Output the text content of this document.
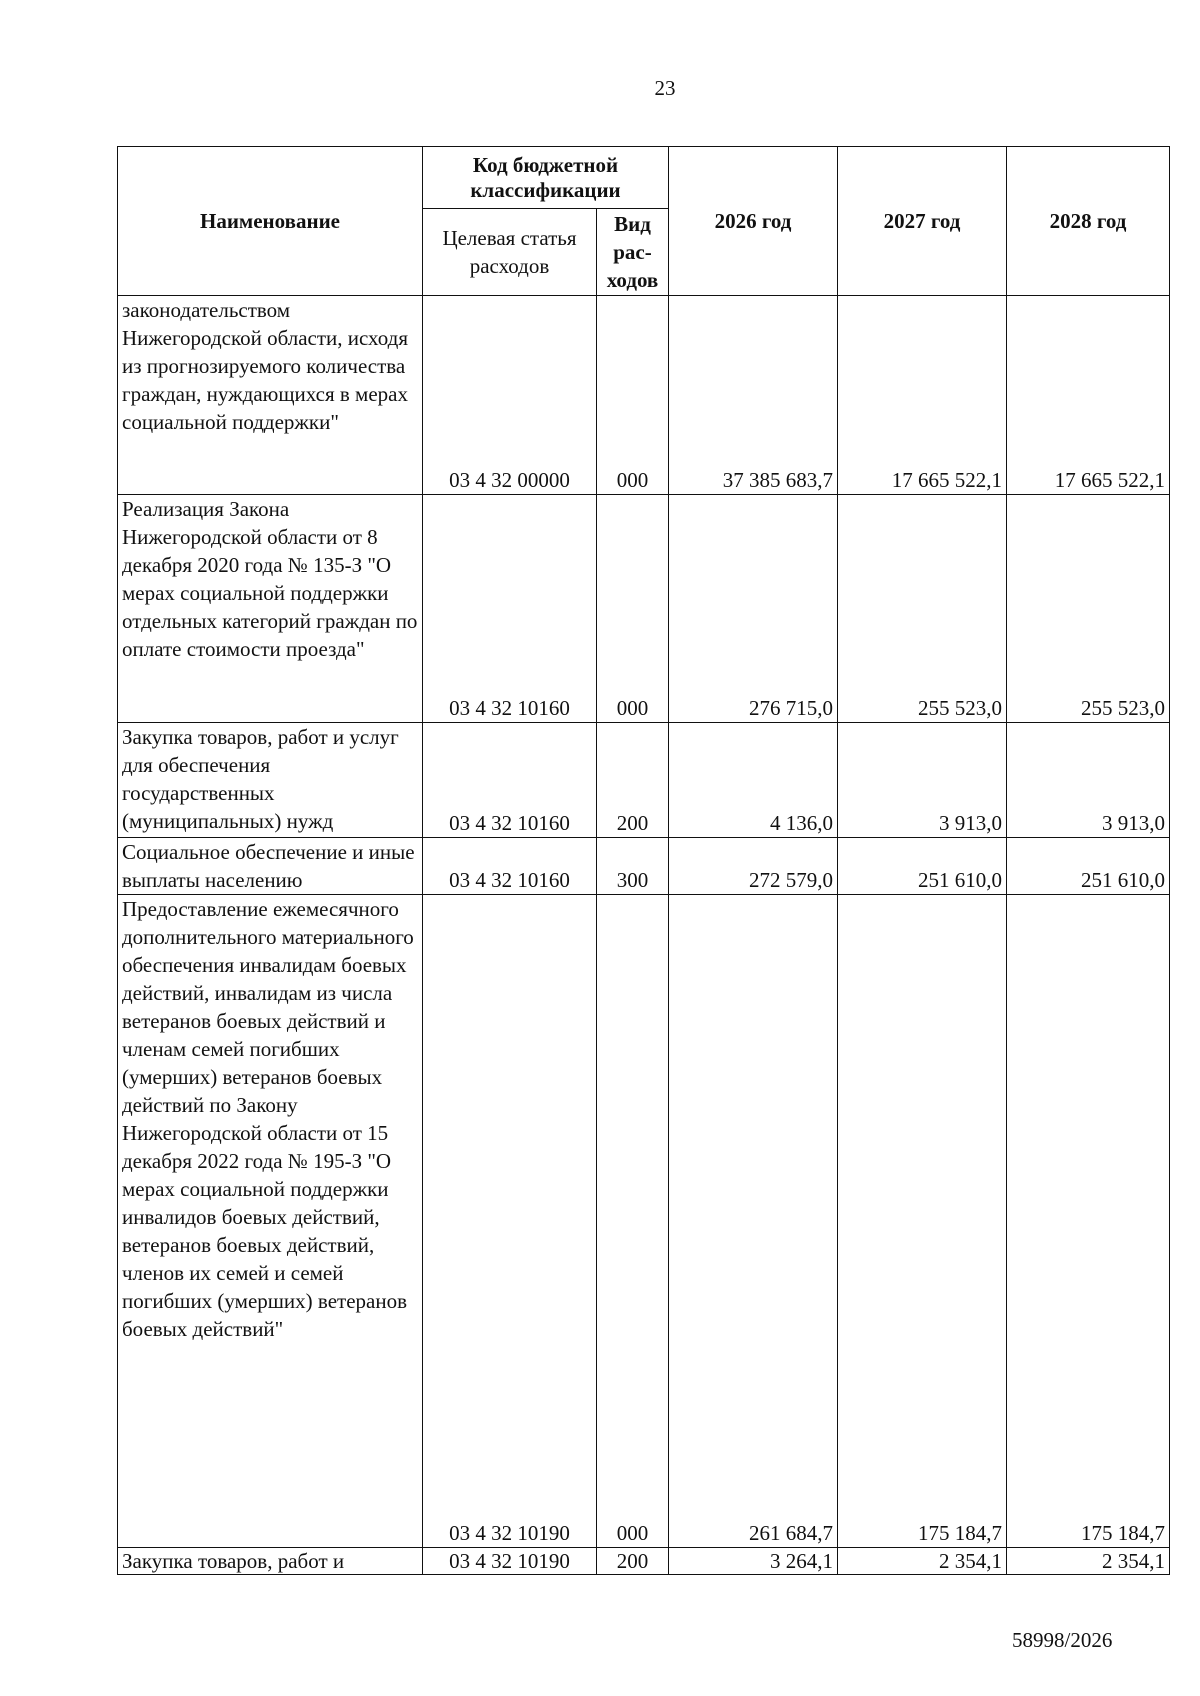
23
Наименование	Код бюджетной классификации		2026 год	2027 год	2028 год
	Целевая статья расходов	Вид рас-ходов			
законодательством Нижегородской области, исходя из прогнозируемого количества граждан, нуждающихся в мерах социальной поддержки"	03 4 32 00000	000	37 385 683,7	17 665 522,1	17 665 522,1
Реализация Закона Нижегородской области от 8 декабря 2020 года № 135-З "О мерах социальной поддержки отдельных категорий граждан по оплате стоимости проезда"	03 4 32 10160	000	276 715,0	255 523,0	255 523,0
Закупка товаров, работ и услуг для обеспечения государственных (муниципальных) нужд	03 4 32 10160	200	4 136,0	3 913,0	3 913,0
Социальное обеспечение и иные выплаты населению	03 4 32 10160	300	272 579,0	251 610,0	251 610,0
Предоставление ежемесячного дополнительного материального обеспечения инвалидам боевых действий, инвалидам из числа ветеранов боевых действий и членам семей погибших (умерших) ветеранов боевых действий по Закону Нижегородской области от 15 декабря 2022 года № 195-З "О мерах социальной поддержки инвалидов боевых действий, ветеранов боевых действий, членов их семей и семей погибших (умерших) ветеранов боевых действий"	03 4 32 10190	000	261 684,7	175 184,7	175 184,7
Закупка товаров, работ и	03 4 32 10190	200	3 264,1	2 354,1	2 354,1
58998/2026
